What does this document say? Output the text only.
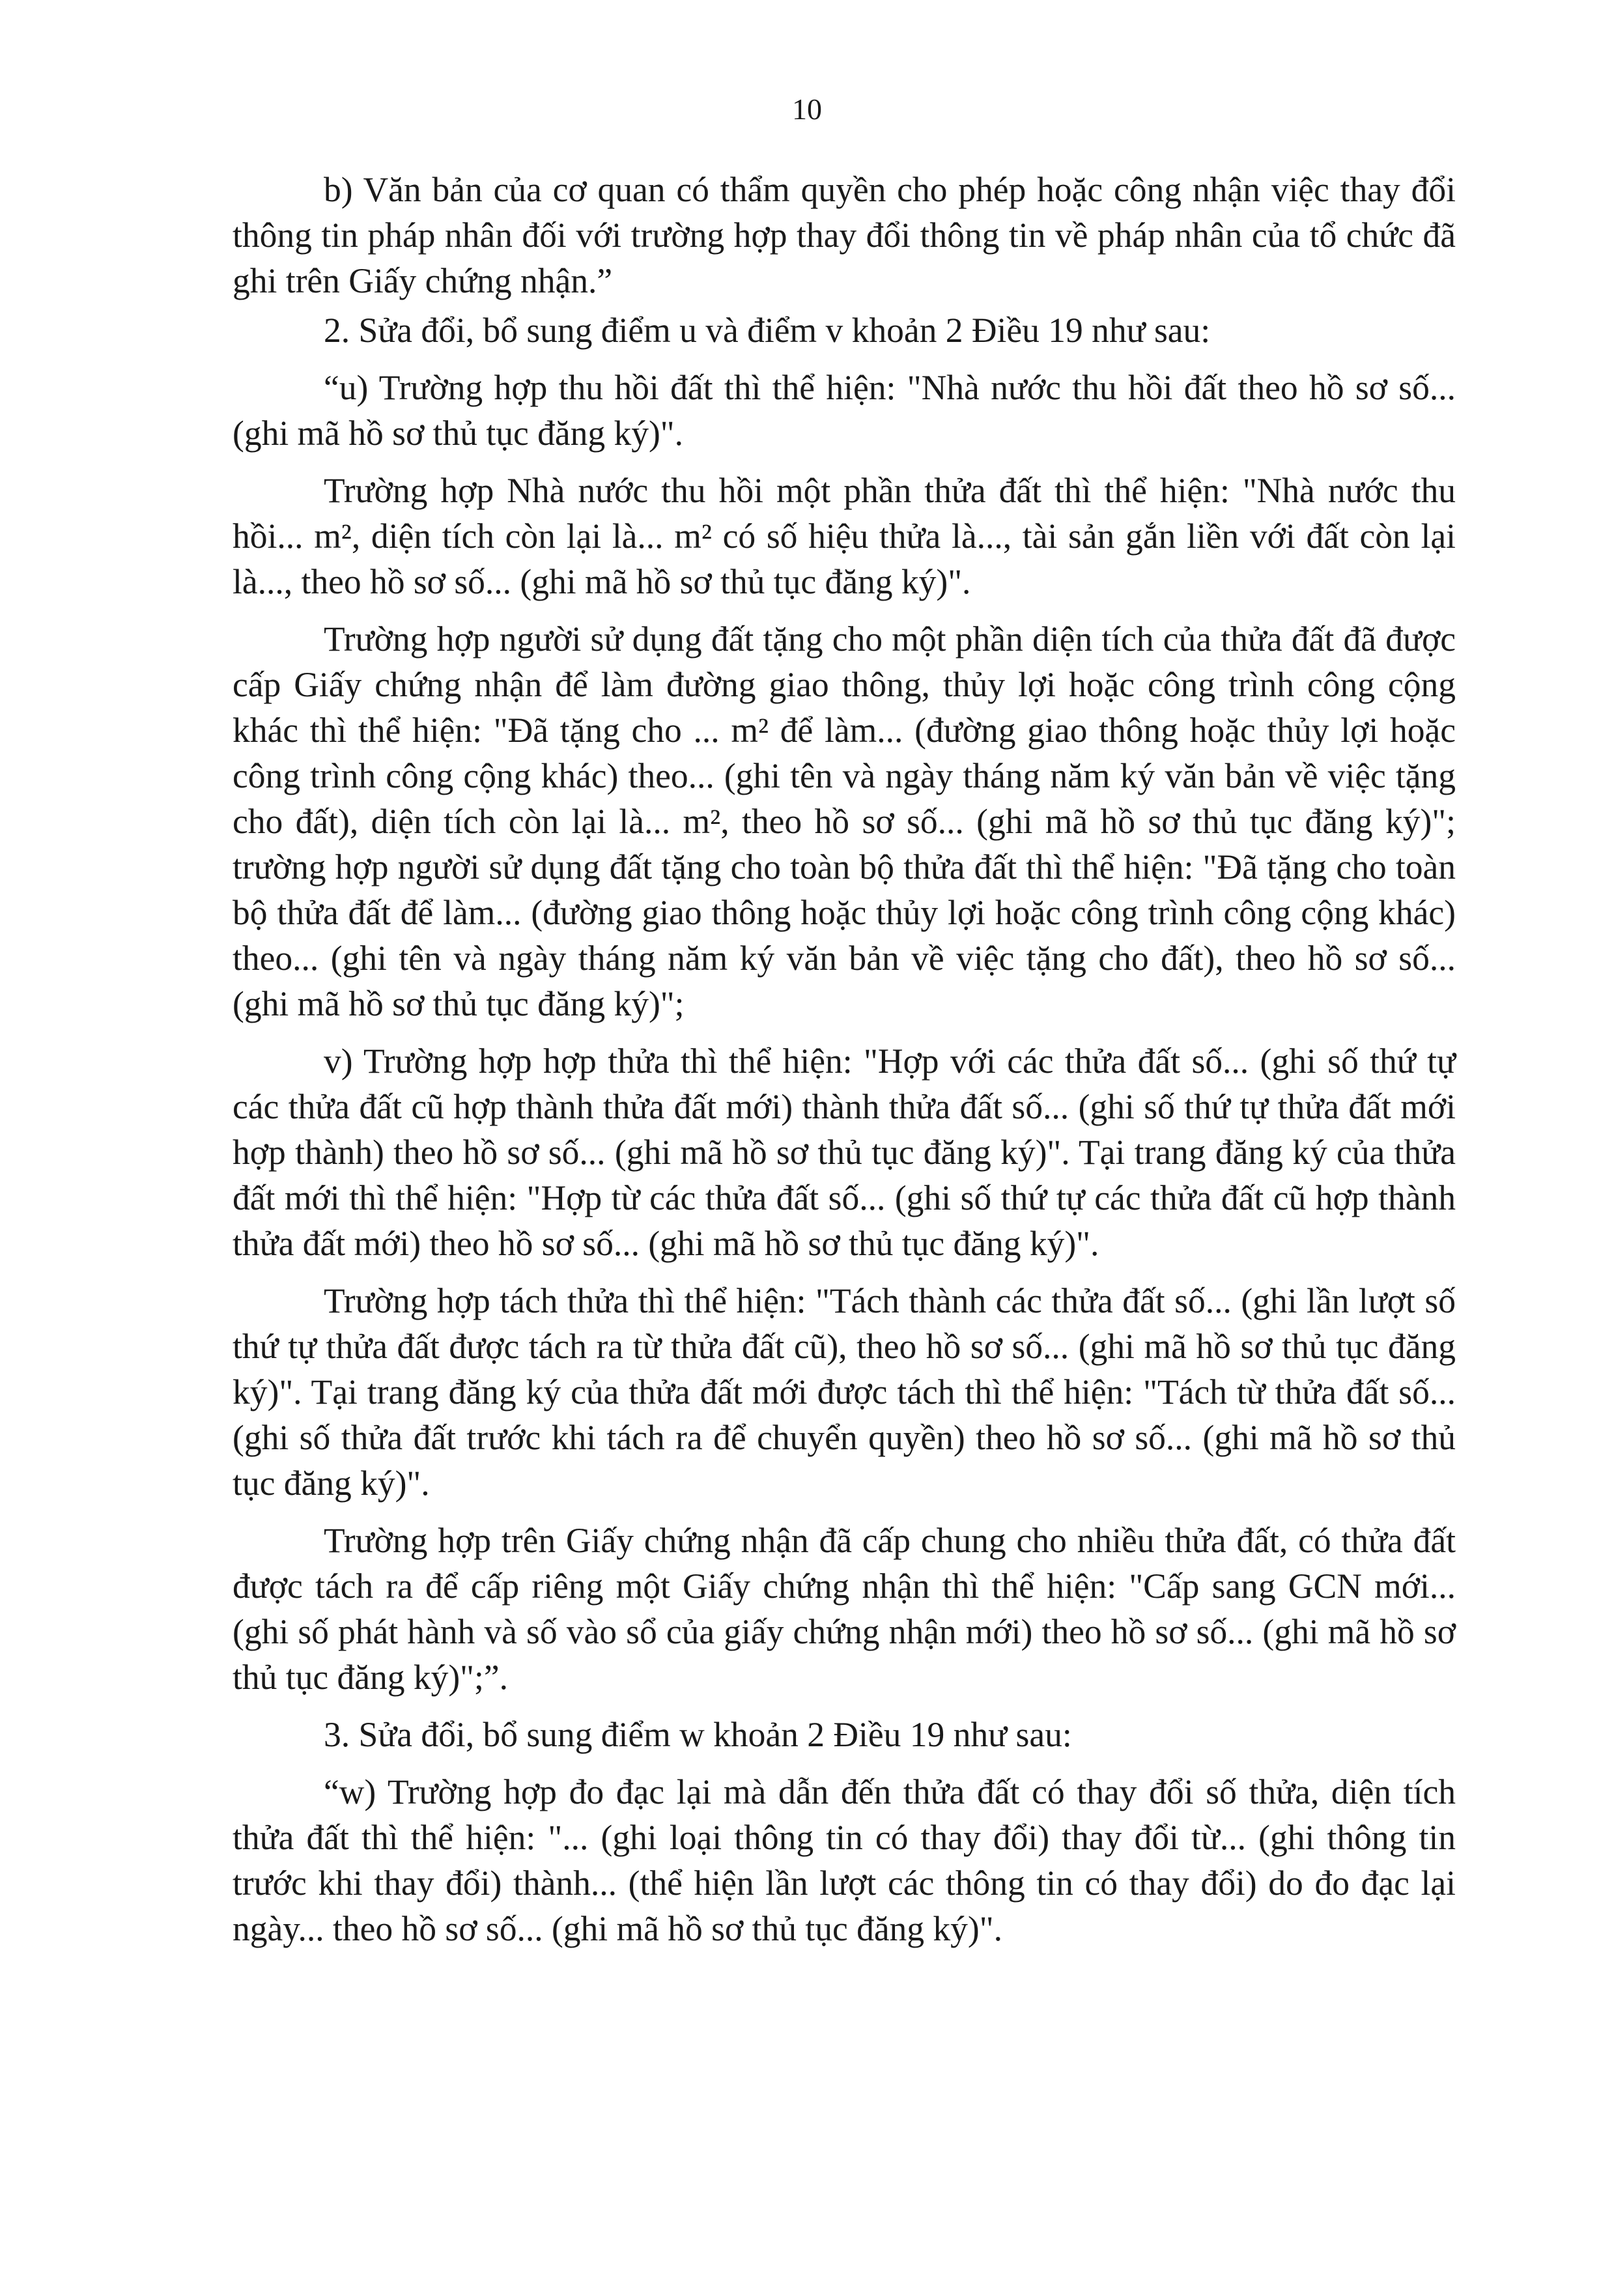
10

b) Văn bản của cơ quan có thẩm quyền cho phép hoặc công nhận việc thay đổi thông tin pháp nhân đối với trường hợp thay đổi thông tin về pháp nhân của tổ chức đã ghi trên Giấy chứng nhận.”

2. Sửa đổi, bổ sung điểm u và điểm v khoản 2 Điều 19 như sau:

“u) Trường hợp thu hồi đất thì thể hiện: "Nhà nước thu hồi đất theo hồ sơ số... (ghi mã hồ sơ thủ tục đăng ký)".

Trường hợp Nhà nước thu hồi một phần thửa đất thì thể hiện: "Nhà nước thu hồi... m², diện tích còn lại là... m² có số hiệu thửa là..., tài sản gắn liền với đất còn lại là..., theo hồ sơ số... (ghi mã hồ sơ thủ tục đăng ký)".

Trường hợp người sử dụng đất tặng cho một phần diện tích của thửa đất đã được cấp Giấy chứng nhận để làm đường giao thông, thủy lợi hoặc công trình công cộng khác thì thể hiện: "Đã tặng cho ... m² để làm... (đường giao thông hoặc thủy lợi hoặc công trình công cộng khác) theo... (ghi tên và ngày tháng năm ký văn bản về việc tặng cho đất), diện tích còn lại là... m², theo hồ sơ số... (ghi mã hồ sơ thủ tục đăng ký)"; trường hợp người sử dụng đất tặng cho toàn bộ thửa đất thì thể hiện: "Đã tặng cho toàn bộ thửa đất để làm... (đường giao thông hoặc thủy lợi hoặc công trình công cộng khác) theo... (ghi tên và ngày tháng năm ký văn bản về việc tặng cho đất), theo hồ sơ số... (ghi mã hồ sơ thủ tục đăng ký)";

v) Trường hợp hợp thửa thì thể hiện: "Hợp với các thửa đất số... (ghi số thứ tự các thửa đất cũ hợp thành thửa đất mới) thành thửa đất số... (ghi số thứ tự thửa đất mới hợp thành) theo hồ sơ số... (ghi mã hồ sơ thủ tục đăng ký)". Tại trang đăng ký của thửa đất mới thì thể hiện: "Hợp từ các thửa đất số... (ghi số thứ tự các thửa đất cũ hợp thành thửa đất mới) theo hồ sơ số... (ghi mã hồ sơ thủ tục đăng ký)".

Trường hợp tách thửa thì thể hiện: "Tách thành các thửa đất số... (ghi lần lượt số thứ tự thửa đất được tách ra từ thửa đất cũ), theo hồ sơ số... (ghi mã hồ sơ thủ tục đăng ký)". Tại trang đăng ký của thửa đất mới được tách thì thể hiện: "Tách từ thửa đất số... (ghi số thửa đất trước khi tách ra để chuyển quyền) theo hồ sơ số... (ghi mã hồ sơ thủ tục đăng ký)".

Trường hợp trên Giấy chứng nhận đã cấp chung cho nhiều thửa đất, có thửa đất được tách ra để cấp riêng một Giấy chứng nhận thì thể hiện: "Cấp sang GCN mới... (ghi số phát hành và số vào sổ của giấy chứng nhận mới) theo hồ sơ số... (ghi mã hồ sơ thủ tục đăng ký)";”.

3. Sửa đổi, bổ sung điểm w khoản 2 Điều 19 như sau:

“w) Trường hợp đo đạc lại mà dẫn đến thửa đất có thay đổi số thửa, diện tích thửa đất thì thể hiện: "... (ghi loại thông tin có thay đổi) thay đổi từ... (ghi thông tin trước khi thay đổi) thành... (thể hiện lần lượt các thông tin có thay đổi) do đo đạc lại ngày... theo hồ sơ số... (ghi mã hồ sơ thủ tục đăng ký)".
